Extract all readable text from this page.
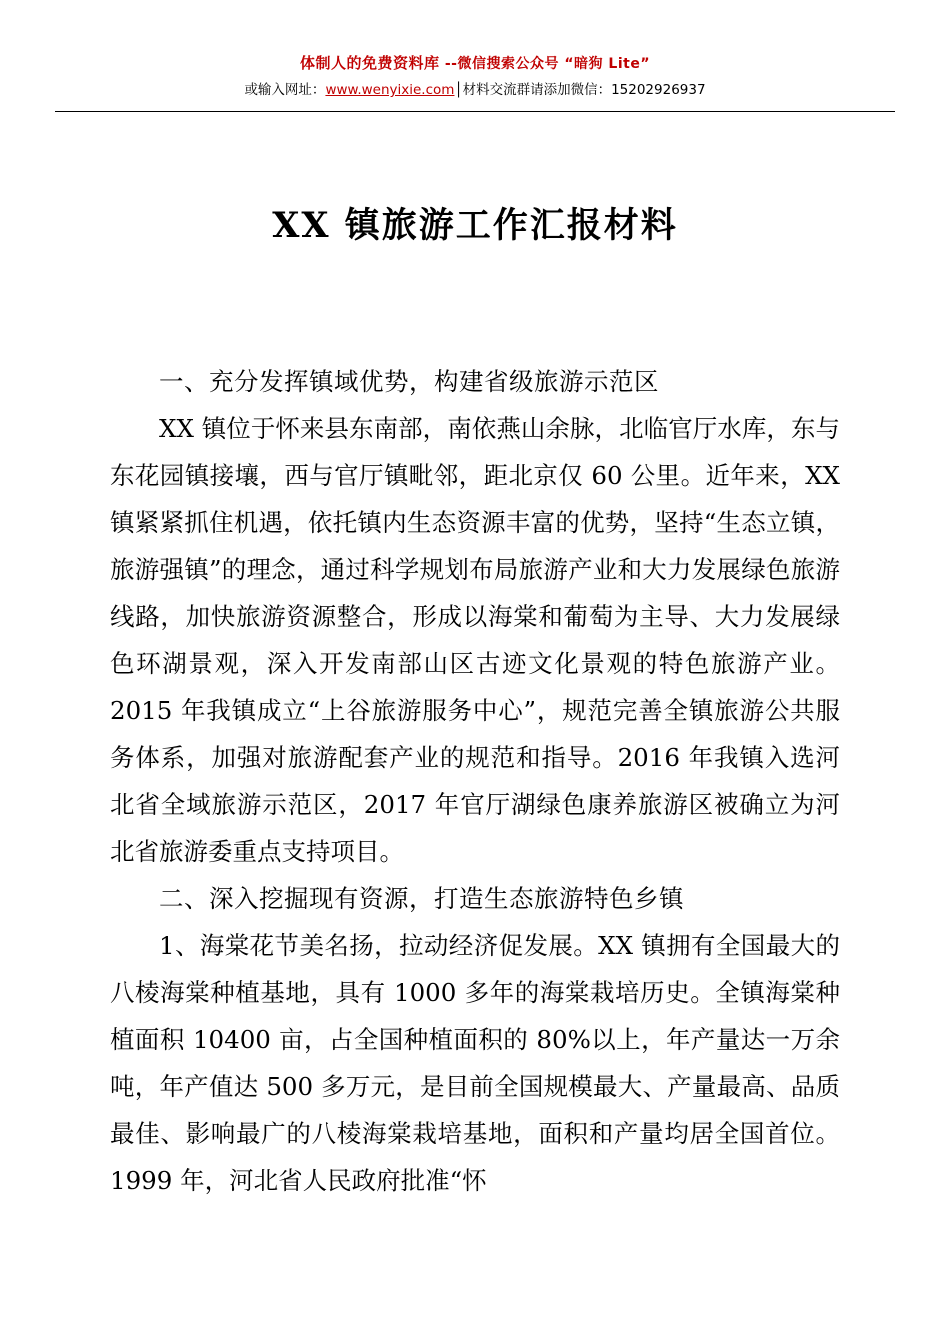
体制人的免费资料库 --微信搜索公众号 “暗狗 Lite”
或输入网址：www.wenyixie.com│材料交流群请添加微信：15202926937
XX 镇旅游工作汇报材料

一、充分发挥镇域优势，构建省级旅游示范区

XX 镇位于怀来县东南部，南依燕山余脉，北临官厅水库，东与东花园镇接壤，西与官厅镇毗邻，距北京仅 60 公里。近年来，XX 镇紧紧抓住机遇，依托镇内生态资源丰富的优势，坚持“生态立镇，旅游强镇”的理念，通过科学规划布局旅游产业和大力发展绿色旅游线路，加快旅游资源整合，形成以海棠和葡萄为主导、大力发展绿色环湖景观，深入开发南部山区古迹文化景观的特色旅游产业。2015 年我镇成立“上谷旅游服务中心”，规范完善全镇旅游公共服务体系，加强对旅游配套产业的规范和指导。2016 年我镇入选河北省全域旅游示范区，2017 年官厅湖绿色康养旅游区被确立为河北省旅游委重点支持项目。

二、深入挖掘现有资源，打造生态旅游特色乡镇

1、海棠花节美名扬，拉动经济促发展。XX 镇拥有全国最大的八棱海棠种植基地，具有 1000 多年的海棠栽培历史。全镇海棠种植面积 10400 亩，占全国种植面积的 80%以上，年产量达一万余吨，年产值达 500 多万元，是目前全国规模最大、产量最高、品质最佳、影响最广的八棱海棠栽培基地，面积和产量均居全国首位。1999 年，河北省人民政府批准“怀
